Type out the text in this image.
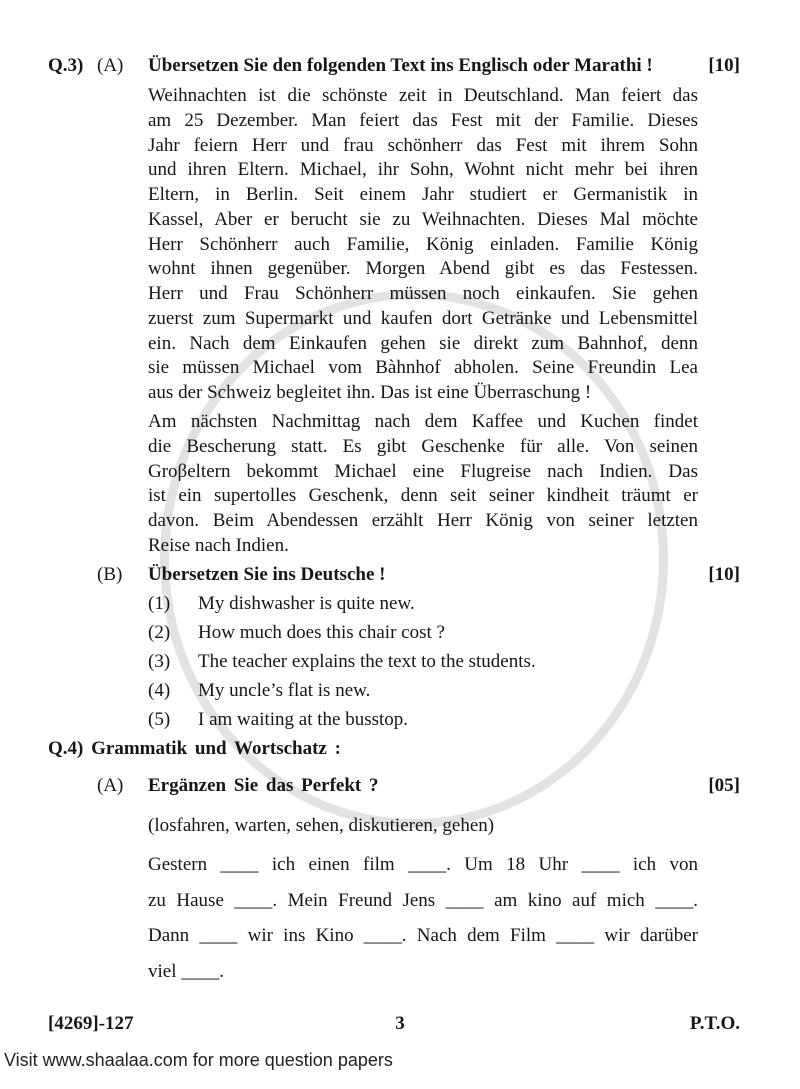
Q.3) (A) Übersetzen Sie den folgenden Text ins Englisch oder Marathi !	[10]
Weihnachten ist die schönste zeit in Deutschland. Man feiert das
am 25 Dezember. Man feiert das Fest mit der Familie. Dieses
Jahr feiern Herr und frau schönherr das Fest mit ihrem Sohn
und ihren Eltern. Michael, ihr Sohn, Wohnt nicht mehr bei ihren
Eltern, in Berlin. Seit einem Jahr studiert er Germanistik in
Kassel, Aber er berucht sie zu Weihnachten. Dieses Mal möchte
Herr Schönherr auch Familie, König einladen. Familie König
wohnt ihnen gegenüber. Morgen Abend gibt es das Festessen.
Herr und Frau Schönherr müssen noch einkaufen. Sie gehen
zuerst zum Supermarkt und kaufen dort Getränke und Lebensmittel
ein. Nach dem Einkaufen gehen sie direkt zum Bahnhof, denn
sie müssen Michael vom Bàhnhof abholen. Seine Freundin Lea
aus der Schweiz begleitet ihn. Das ist eine Überraschung !
Am nächsten Nachmittag nach dem Kaffee und Kuchen findet
die Bescherung statt. Es gibt Geschenke für alle. Von seinen
Groβeltern bekommt Michael eine Flugreise nach Indien. Das
ist ein supertolles Geschenk, denn seit seiner kindheit träumt er
davon. Beim Abendessen erzählt Herr König von seiner letzten
Reise nach Indien.
(B) Übersetzen Sie ins Deutsche !	[10]
(1) My dishwasher is quite new.
(2) How much does this chair cost ?
(3) The teacher explains the text to the students.
(4) My uncle’s flat is new.
(5) I am waiting at the busstop.
Q.4) Grammatik und Wortschatz :
(A) Ergänzen Sie das Perfekt ?	[05]
(losfahren, warten, sehen, diskutieren, gehen)
Gestern ____ ich einen film ____. Um 18 Uhr ____ ich von
zu Hause ____. Mein Freund Jens ____ am kino auf mich ____.
Dann ____ wir ins Kino ____. Nach dem Film ____ wir darüber
viel ____.
[4269]-127	3	P.T.O.
Visit www.shaalaa.com for more question papers
